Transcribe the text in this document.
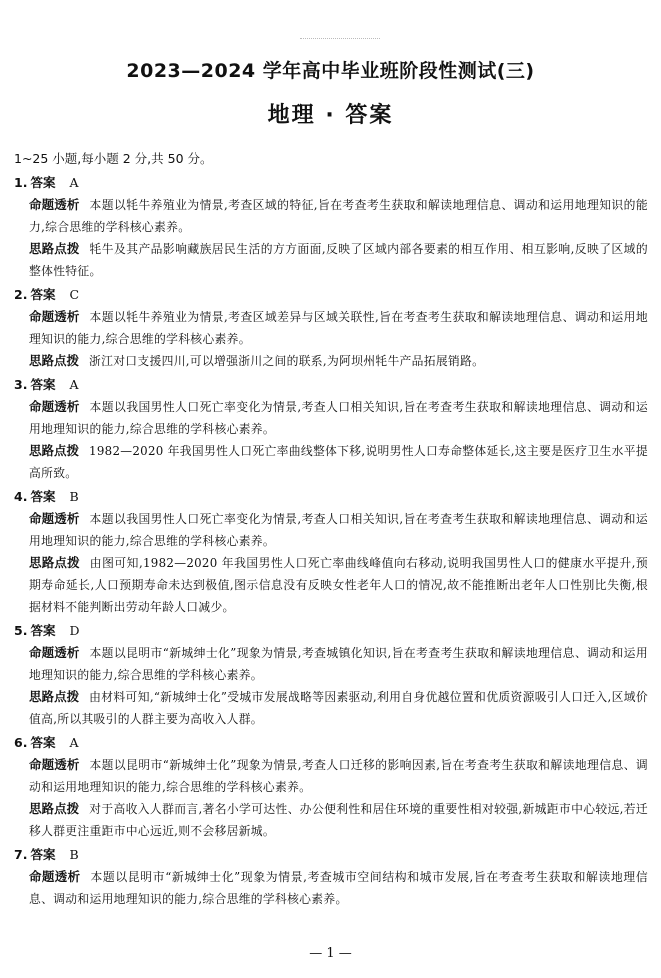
2023—2024 学年高中毕业班阶段性测试(三)
地理 · 答案
1~25 小题,每小题 2 分,共 50 分。
1. 答案 A
命题透析 本题以牦牛养殖业为情景,考查区域的特征,旨在考查考生获取和解读地理信息、调动和运用地理知识的能力,综合思维的学科核心素养。
思路点拨 牦牛及其产品影响藏族居民生活的方方面面,反映了区域内部各要素的相互作用、相互影响,反映了区域的整体性特征。
2. 答案 C
命题透析 本题以牦牛养殖业为情景,考查区域差异与区域关联性,旨在考查考生获取和解读地理信息、调动和运用地理知识的能力,综合思维的学科核心素养。
思路点拨 浙江对口支援四川,可以增强浙川之间的联系,为阿坝州牦牛产品拓展销路。
3. 答案 A
命题透析 本题以我国男性人口死亡率变化为情景,考查人口相关知识,旨在考查考生获取和解读地理信息、调动和运用地理知识的能力,综合思维的学科核心素养。
思路点拨 1982—2020 年我国男性人口死亡率曲线整体下移,说明男性人口寿命整体延长,这主要是医疗卫生水平提高所致。
4. 答案 B
命题透析 本题以我国男性人口死亡率变化为情景,考查人口相关知识,旨在考查考生获取和解读地理信息、调动和运用地理知识的能力,综合思维的学科核心素养。
思路点拨 由图可知,1982—2020 年我国男性人口死亡率曲线峰值向右移动,说明我国男性人口的健康水平提升,预期寿命延长,人口预期寿命未达到极值,图示信息没有反映女性老年人口的情况,故不能推断出老年人口性别比失衡,根据材料不能判断出劳动年龄人口减少。
5. 答案 D
命题透析 本题以昆明市“新城绅士化”现象为情景,考查城镇化知识,旨在考查考生获取和解读地理信息、调动和运用地理知识的能力,综合思维的学科核心素养。
思路点拨 由材料可知,“新城绅士化”受城市发展战略等因素驱动,利用自身优越位置和优质资源吸引人口迁入,区域价值高,所以其吸引的人群主要为高收入人群。
6. 答案 A
命题透析 本题以昆明市“新城绅士化”现象为情景,考查人口迁移的影响因素,旨在考查考生获取和解读地理信息、调动和运用地理知识的能力,综合思维的学科核心素养。
思路点拨 对于高收入人群而言,著名小学可达性、办公便利性和居住环境的重要性相对较强,新城距市中心较远,若迁移人群更注重距市中心远近,则不会移居新城。
7. 答案 B
命题透析 本题以昆明市“新城绅士化”现象为情景,考查城市空间结构和城市发展,旨在考查考生获取和解读地理信息、调动和运用地理知识的能力,综合思维的学科核心素养。
— 1 —
